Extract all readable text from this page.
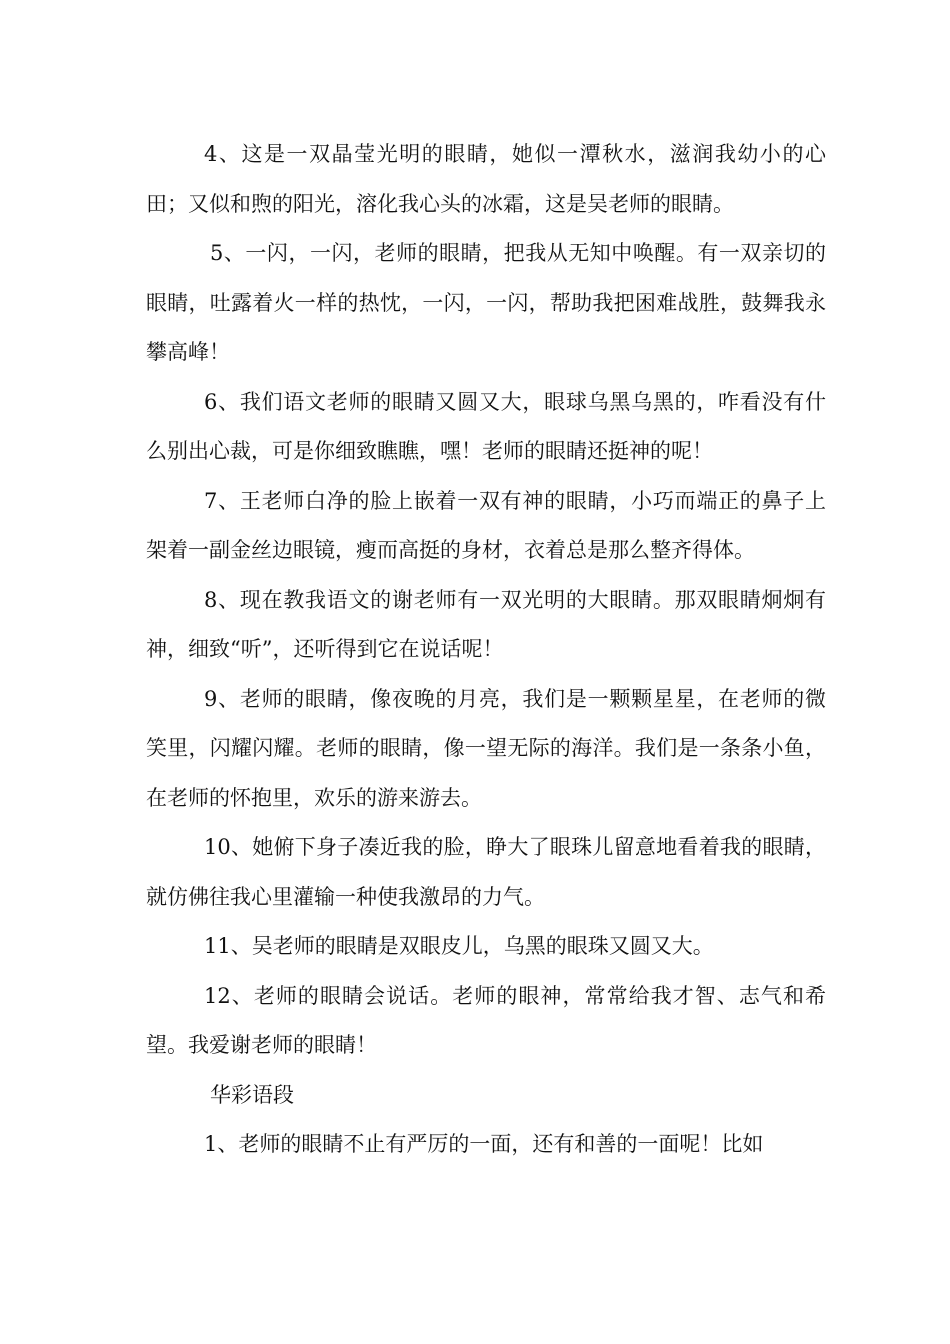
4、这是一双晶莹光明的眼睛，她似一潭秋水，滋润我幼小的心田；又似和煦的阳光，溶化我心头的冰霜，这是吴老师的眼睛。

5、一闪，一闪，老师的眼睛，把我从无知中唤醒。有一双亲切的眼睛，吐露着火一样的热忱，一闪，一闪，帮助我把困难战胜，鼓舞我永攀高峰！

6、我们语文老师的眼睛又圆又大，眼球乌黑乌黑的，咋看没有什么别出心裁，可是你细致瞧瞧，嘿！老师的眼睛还挺神的呢！

7、王老师白净的脸上嵌着一双有神的眼睛，小巧而端正的鼻子上架着一副金丝边眼镜，瘦而高挺的身材，衣着总是那么整齐得体。

8、现在教我语文的谢老师有一双光明的大眼睛。那双眼睛炯炯有神，细致“听”，还听得到它在说话呢！

9、老师的眼睛，像夜晚的月亮，我们是一颗颗星星，在老师的微笑里，闪耀闪耀。老师的眼睛，像一望无际的海洋。我们是一条条小鱼，在老师的怀抱里，欢乐的游来游去。

10、她俯下身子凑近我的脸，睁大了眼珠儿留意地看着我的眼睛，就仿佛往我心里灌输一种使我激昂的力气。

11、吴老师的眼睛是双眼皮儿，乌黑的眼珠又圆又大。

12、老师的眼睛会说话。老师的眼神，常常给我才智、志气和希望。我爱谢老师的眼睛！

华彩语段

1、老师的眼睛不止有严厉的一面，还有和善的一面呢！比如
